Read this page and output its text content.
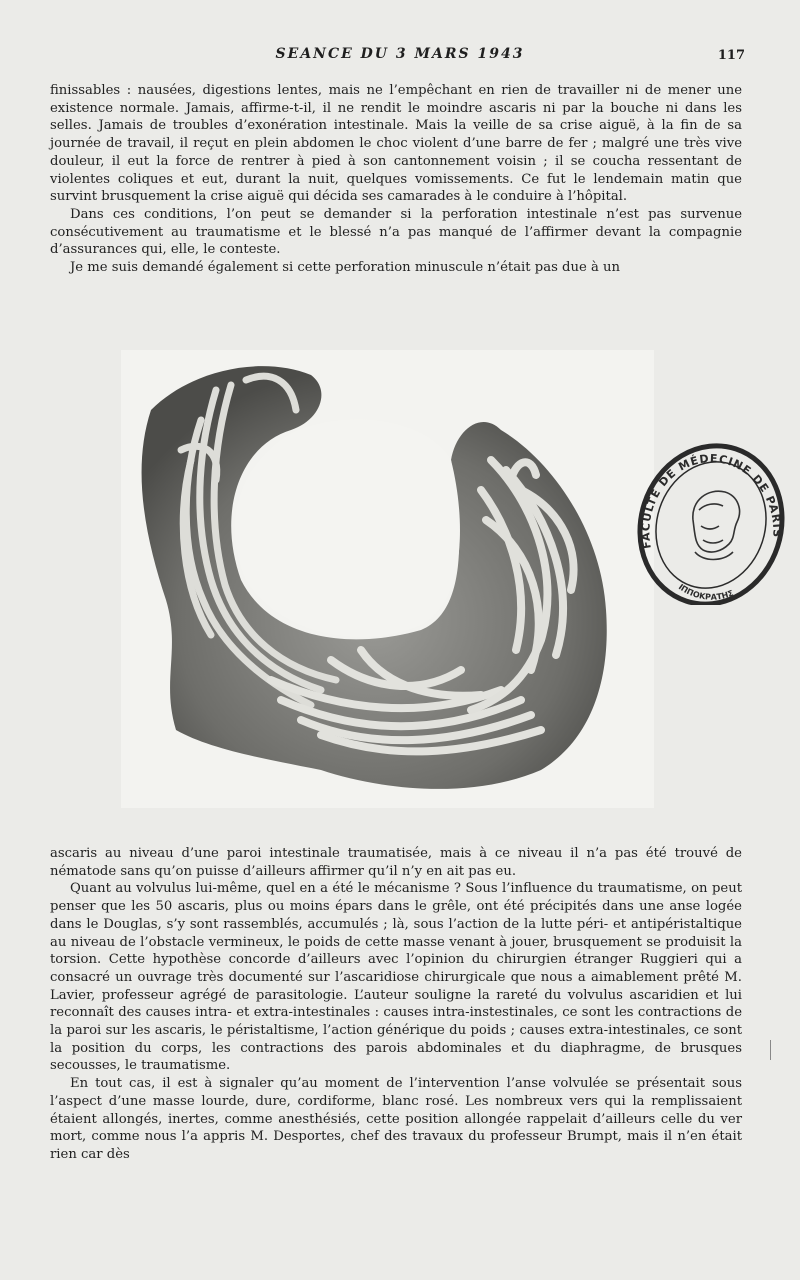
SEANCE DU 3 MARS 1943	117

finissables : nausées, digestions lentes, mais ne l’empêchant en rien de travailler ni de mener une existence normale. Jamais, affirme-t-il, il ne rendit le moindre ascaris ni par la bouche ni dans les selles. Jamais de troubles d’exonération intestinale. Mais la veille de sa crise aiguë, à la fin de sa journée de travail, il reçut en plein abdomen le choc violent d’une barre de fer ; malgré une très vive douleur, il eut la force de rentrer à pied à son cantonnement voisin ; il se coucha ressentant de violentes coliques et eut, durant la nuit, quelques vomissements. Ce fut le lendemain matin que survint brusquement la crise aiguë qui décida ses camarades à le conduire à l’hôpital.

Dans ces conditions, l’on peut se demander si la perforation intestinale n’est pas survenue consécutivement au traumatisme et le blessé n’a pas manqué de l’affirmer devant la compagnie d’assurances qui, elle, le conteste.

Je me suis demandé également si cette perforation minuscule n’était pas due à un

FACULTÉ DE MÉDECINE DE PARIS
ΙΠΠΟΚΡΑΤΗΣ

ascaris au niveau d’une paroi intestinale traumatisée, mais à ce niveau il n’a pas été trouvé de nématode sans qu’on puisse d’ailleurs affirmer qu’il n’y en ait pas eu.

Quant au volvulus lui-même, quel en a été le mécanisme ? Sous l’influence du traumatisme, on peut penser que les 50 ascaris, plus ou moins épars dans le grêle, ont été précipités dans une anse logée dans le Douglas, s’y sont rassemblés, accumulés ; là, sous l’action de la lutte péri- et antipéristaltique au niveau de l’obstacle vermineux, le poids de cette masse venant à jouer, brusquement se produisit la torsion. Cette hypothèse concorde d’ailleurs avec l’opinion du chirurgien étranger Ruggieri qui a consacré un ouvrage très documenté sur l’ascaridiose chirurgicale que nous a aimablement prêté M. Lavier, professeur agrégé de parasitologie. L’auteur souligne la rareté du volvulus ascaridien et lui reconnaît des causes intra- et extra-intestinales : causes intra-instestinales, ce sont les contractions de la paroi sur les ascaris, le péristaltisme, l’action générique du poids ; causes extra-intestinales, ce sont la position du corps, les contractions des parois abdominales et du diaphragme, de brusques secousses, le traumatisme.

En tout cas, il est à signaler qu’au moment de l’intervention l’anse volvulée se présentait sous l’aspect d’une masse lourde, dure, cordiforme, blanc rosé. Les nombreux vers qui la remplissaient étaient allongés, inertes, comme anesthésiés, cette position allongée rappelait d’ailleurs celle du ver mort, comme nous l’a appris M. Desportes, chef des travaux du professeur Brumpt, mais il n’en était rien car dès
